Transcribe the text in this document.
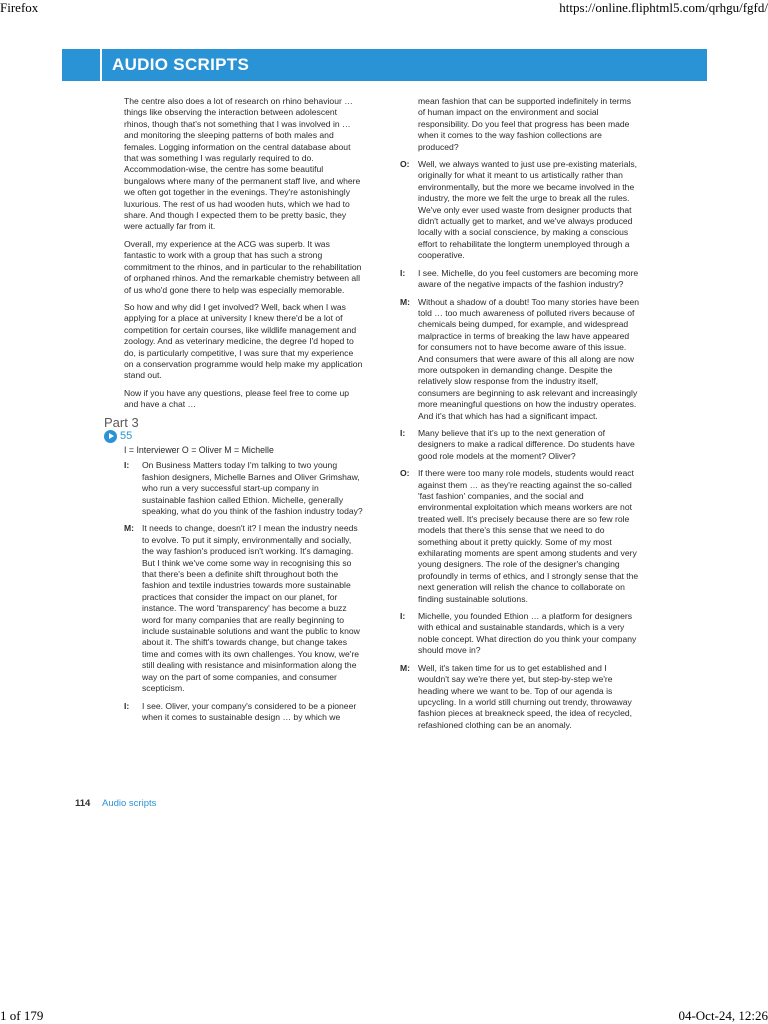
Firefox	https://online.fliphtml5.com/qrhgu/fgfd/
AUDIO SCRIPTS

The centre also does a lot of research on rhino behaviour … things like observing the interaction between adolescent rhinos, though that's not something that I was involved in … and monitoring the sleeping patterns of both males and females. Logging information on the central database about that was something I was regularly required to do. Accommodation-wise, the centre has some beautiful bungalows where many of the permanent staff live, and where we often got together in the evenings. They're astonishingly luxurious. The rest of us had wooden huts, which we had to share. And though I expected them to be pretty basic, they were actually far from it.

Overall, my experience at the ACG was superb. It was fantastic to work with a group that has such a strong commitment to the rhinos, and in particular to the rehabilitation of orphaned rhinos. And the remarkable chemistry between all of us who'd gone there to help was especially memorable.

So how and why did I get involved? Well, back when I was applying for a place at university I knew there'd be a lot of competition for certain courses, like wildlife management and zoology. And as veterinary medicine, the degree I'd hoped to do, is particularly competitive, I was sure that my experience on a conservation programme would help make my application stand out.

Now if you have any questions, please feel free to come up and have a chat …

Part 3
55
I = Interviewer O = Oliver M = Michelle
I:	On Business Matters today I'm talking to two young fashion designers, Michelle Barnes and Oliver Grimshaw, who run a very successful start-up company in sustainable fashion called Ethion. Michelle, generally speaking, what do you think of the fashion industry today?
M: It needs to change, doesn't it? I mean the industry needs to evolve. To put it simply, environmentally and socially, the way fashion's produced isn't working. It's damaging. But I think we've come some way in recognising this so that there's been a definite shift throughout both the fashion and textile industries towards more sustainable practices that consider the impact on our planet, for instance. The word 'transparency' has become a buzz word for many companies that are really beginning to include sustainable solutions and want the public to know about it. The shift's towards change, but change takes time and comes with its own challenges. You know, we're still dealing with resistance and misinformation along the way on the part of some companies, and consumer scepticism.
I:	I see. Oliver, your company's considered to be a pioneer when it comes to sustainable design … by which we

mean fashion that can be supported indefinitely in terms of human impact on the environment and social responsibility. Do you feel that progress has been made when it comes to the way fashion collections are produced?

O: Well, we always wanted to just use pre-existing materials, originally for what it meant to us artistically rather than environmentally, but the more we became involved in the industry, the more we felt the urge to break all the rules. We've only ever used waste from designer products that didn't actually get to market, and we've always produced locally with a social conscience, by making a conscious effort to rehabilitate the longterm unemployed through a cooperative.
I:	I see. Michelle, do you feel customers are becoming more aware of the negative impacts of the fashion industry?
M: Without a shadow of a doubt! Too many stories have been told … too much awareness of polluted rivers because of chemicals being dumped, for example, and widespread malpractice in terms of breaking the law have appeared for consumers not to have become aware of this issue. And consumers that were aware of this all along are now more outspoken in demanding change. Despite the relatively slow response from the industry itself, consumers are beginning to ask relevant and increasingly more meaningful questions on how the industry operates. And it's that which has had a significant impact.
I:	Many believe that it's up to the next generation of designers to make a radical difference. Do students have good role models at the moment? Oliver?
O: If there were too many role models, students would react against them … as they're reacting against the so-called 'fast fashion' companies, and the social and environmental exploitation which means workers are not treated well. It's precisely because there are so few role models that there's this sense that we need to do something about it pretty quickly. Some of my most exhilarating moments are spent among students and very young designers. The role of the designer's changing profoundly in terms of ethics, and I strongly sense that the next generation will relish the chance to collaborate on finding sustainable solutions.
I:	Michelle, you founded Ethion … a platform for designers with ethical and sustainable standards, which is a very noble concept. What direction do you think your company should move in?
M: Well, it's taken time for us to get established and I wouldn't say we're there yet, but step-by-step we're heading where we want to be. Top of our agenda is upcycling. In a world still churning out trendy, throwaway fashion pieces at breakneck speed, the idea of recycled, refashioned clothing can be an anomaly.
114 Audio scripts
1 of 179	04-Oct-24, 12:26
